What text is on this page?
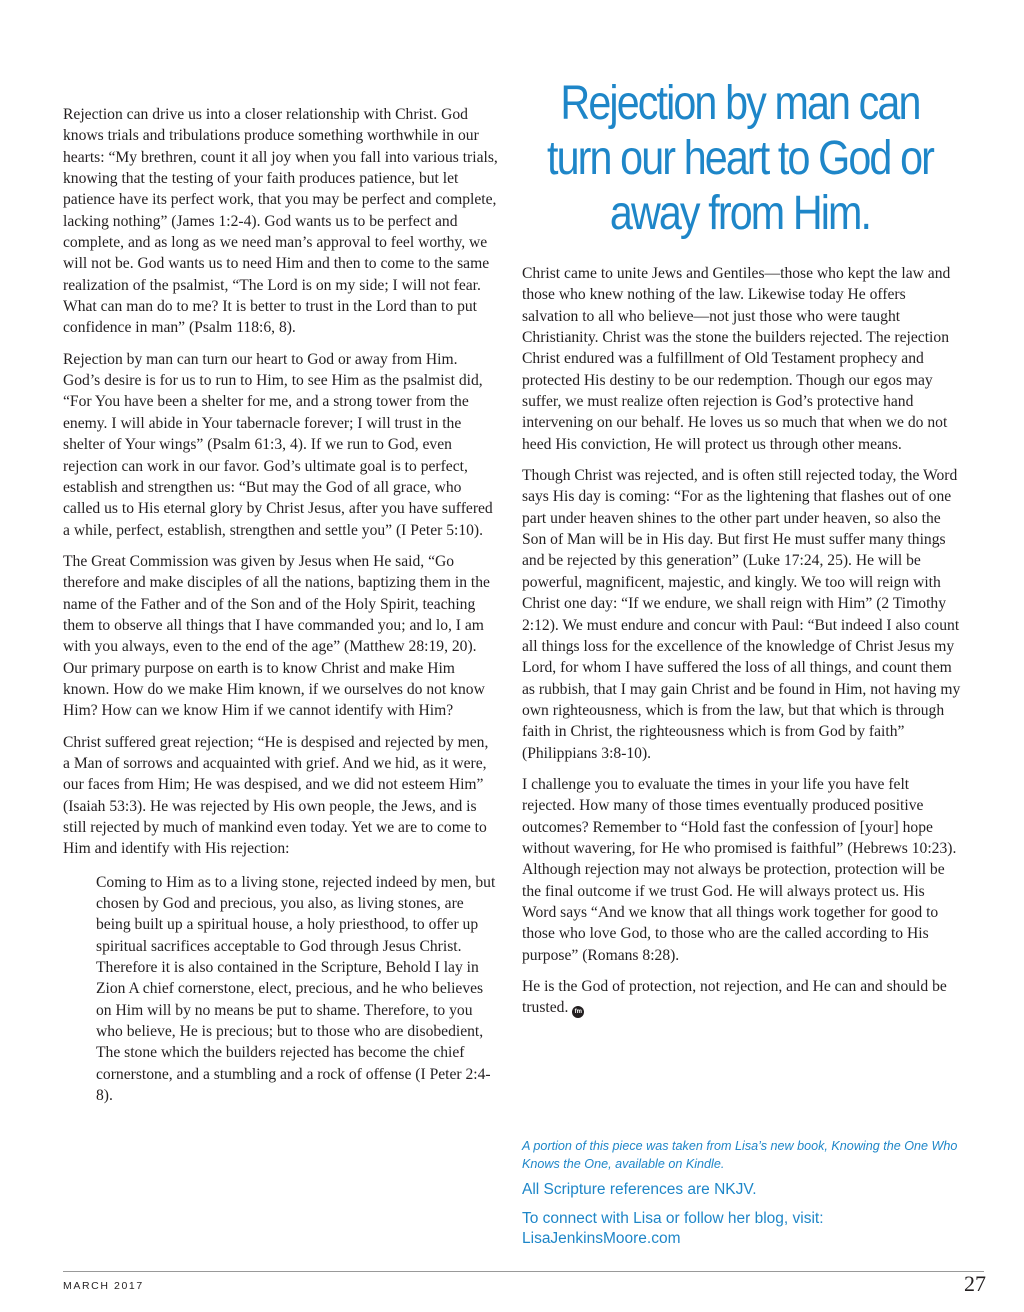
Rejection can drive us into a closer relationship with Christ. God knows trials and tribulations produce something worthwhile in our hearts: “My brethren, count it all joy when you fall into various trials, knowing that the testing of your faith produces patience, but let patience have its perfect work, that you may be perfect and complete, lacking nothing” (James 1:2-4). God wants us to be perfect and complete, and as long as we need man’s approval to feel worthy, we will not be. God wants us to need Him and then to come to the same realization of the psalmist, “The Lord is on my side; I will not fear. What can man do to me? It is better to trust in the Lord than to put confidence in man” (Psalm 118:6, 8).

Rejection by man can turn our heart to God or away from Him. God’s desire is for us to run to Him, to see Him as the psalmist did, “For You have been a shelter for me, and a strong tower from the enemy. I will abide in Your tabernacle forever; I will trust in the shelter of Your wings” (Psalm 61:3, 4). If we run to God, even rejection can work in our favor. God’s ultimate goal is to perfect, establish and strengthen us: “But may the God of all grace, who called us to His eternal glory by Christ Jesus, after you have suffered a while, perfect, establish, strengthen and settle you” (I Peter 5:10).

The Great Commission was given by Jesus when He said, “Go therefore and make disciples of all the nations, baptizing them in the name of the Father and of the Son and of the Holy Spirit, teaching them to observe all things that I have commanded you; and lo, I am with you always, even to the end of the age” (Matthew 28:19, 20). Our primary purpose on earth is to know Christ and make Him known. How do we make Him known, if we ourselves do not know Him? How can we know Him if we cannot identify with Him?

Christ suffered great rejection; “He is despised and rejected by men, a Man of sorrows and acquainted with grief. And we hid, as it were, our faces from Him; He was despised, and we did not esteem Him” (Isaiah 53:3). He was rejected by His own people, the Jews, and is still rejected by much of mankind even today. Yet we are to come to Him and identify with His rejection:

Coming to Him as to a living stone, rejected indeed by men, but chosen by God and precious, you also, as living stones, are being built up a spiritual house, a holy priesthood, to offer up spiritual sacrifices acceptable to God through Jesus Christ. Therefore it is also contained in the Scripture, Behold I lay in Zion A chief cornerstone, elect, precious, and he who believes on Him will by no means be put to shame. Therefore, to you who believe, He is precious; but to those who are disobedient, The stone which the builders rejected has become the chief cornerstone, and a stumbling and a rock of offense (I Peter 2:4-8).

Rejection by man can turn our heart to God or away from Him.

Christ came to unite Jews and Gentiles—those who kept the law and those who knew nothing of the law. Likewise today He offers salvation to all who believe—not just those who were taught Christianity. Christ was the stone the builders rejected. The rejection Christ endured was a fulfillment of Old Testament prophecy and protected His destiny to be our redemption. Though our egos may suffer, we must realize often rejection is God’s protective hand intervening on our behalf. He loves us so much that when we do not heed His conviction, He will protect us through other means.

Though Christ was rejected, and is often still rejected today, the Word says His day is coming: “For as the lightening that flashes out of one part under heaven shines to the other part under heaven, so also the Son of Man will be in His day. But first He must suffer many things and be rejected by this generation” (Luke 17:24, 25). He will be powerful, magnificent, majestic, and kingly. We too will reign with Christ one day: “If we endure, we shall reign with Him” (2 Timothy 2:12). We must endure and concur with Paul: “But indeed I also count all things loss for the excellence of the knowledge of Christ Jesus my Lord, for whom I have suffered the loss of all things, and count them as rubbish, that I may gain Christ and be found in Him, not having my own righteousness, which is from the law, but that which is through faith in Christ, the righteousness which is from God by faith” (Philippians 3:8-10).

I challenge you to evaluate the times in your life you have felt rejected. How many of those times eventually produced positive outcomes? Remember to “Hold fast the confession of [your] hope without wavering, for He who promised is faithful” (Hebrews 10:23). Although rejection may not always be protection, protection will be the final outcome if we trust God. He will always protect us. His Word says “And we know that all things work together for good to those who love God, to those who are the called according to His purpose” (Romans 8:28).

He is the God of protection, not rejection, and He can and should be trusted. fm

A portion of this piece was taken from Lisa’s new book, Knowing the One Who Knows the One, available on Kindle.
All Scripture references are NKJV.
To connect with Lisa or follow her blog, visit:
LisaJenkinsMoore.com
MARCH 2017	27
